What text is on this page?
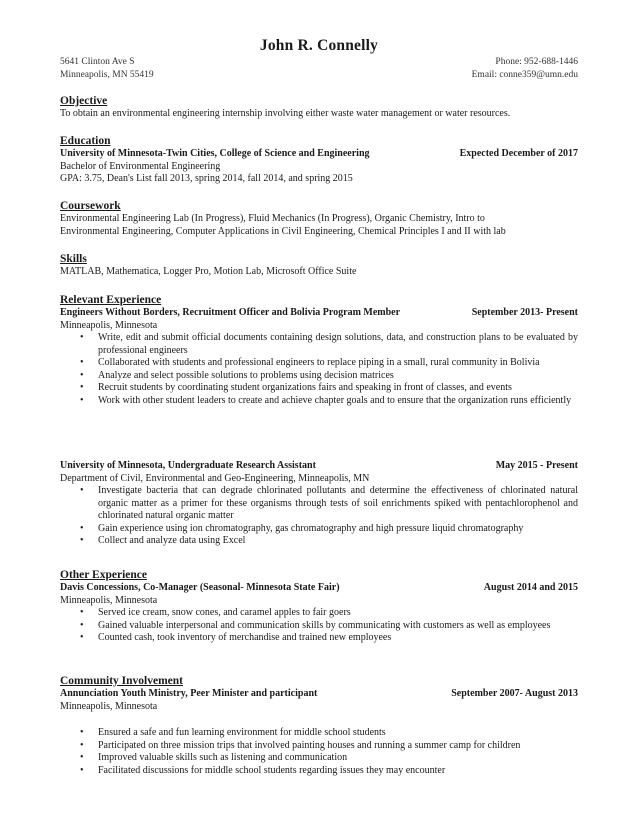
John R. Connelly
5641 Clinton Ave S	Phone: 952-688-1446
Minneapolis, MN 55419	Email: conne359@umn.edu
Objective
To obtain an environmental engineering internship involving either waste water management or water resources.
Education
University of Minnesota-Twin Cities, College of Science and Engineering	Expected December of 2017
Bachelor of Environmental Engineering
GPA: 3.75, Dean's List fall 2013, spring 2014, fall 2014, and spring 2015
Coursework
Environmental Engineering Lab (In Progress), Fluid Mechanics (In Progress), Organic Chemistry, Intro to
Environmental Engineering, Computer Applications in Civil Engineering, Chemical Principles I and II with lab
Skills
MATLAB, Mathematica, Logger Pro, Motion Lab, Microsoft Office Suite
Relevant Experience
Engineers Without Borders, Recruitment Officer and Bolivia Program Member	September 2013- Present
Minneapolis, Minnesota
• Write, edit and submit official documents containing design solutions, data, and construction plans to be evaluated by professional engineers
• Collaborated with students and professional engineers to replace piping in a small, rural community in Bolivia
• Analyze and select possible solutions to problems using decision matrices
• Recruit students by coordinating student organizations fairs and speaking in front of classes, and events
• Work with other student leaders to create and achieve chapter goals and to ensure that the organization runs efficiently
University of Minnesota, Undergraduate Research Assistant	May 2015 - Present
Department of Civil, Environmental and Geo-Engineering, Minneapolis, MN
• Investigate bacteria that can degrade chlorinated pollutants and determine the effectiveness of chlorinated natural organic matter as a primer for these organisms through tests of soil enrichments spiked with pentachlorophenol and chlorinated natural organic matter
• Gain experience using ion chromatography, gas chromatography and high pressure liquid chromatography
• Collect and analyze data using Excel
Other Experience
Davis Concessions, Co-Manager (Seasonal- Minnesota State Fair)	August 2014 and 2015
Minneapolis, Minnesota
• Served ice cream, snow cones, and caramel apples to fair goers
• Gained valuable interpersonal and communication skills by communicating with customers as well as employees
• Counted cash, took inventory of merchandise and trained new employees
Community Involvement
Annunciation Youth Ministry, Peer Minister and participant	September 2007- August 2013
Minneapolis, Minnesota
• Ensured a safe and fun learning environment for middle school students
• Participated on three mission trips that involved painting houses and running a summer camp for children
• Improved valuable skills such as listening and communication
• Facilitated discussions for middle school students regarding issues they may encounter
